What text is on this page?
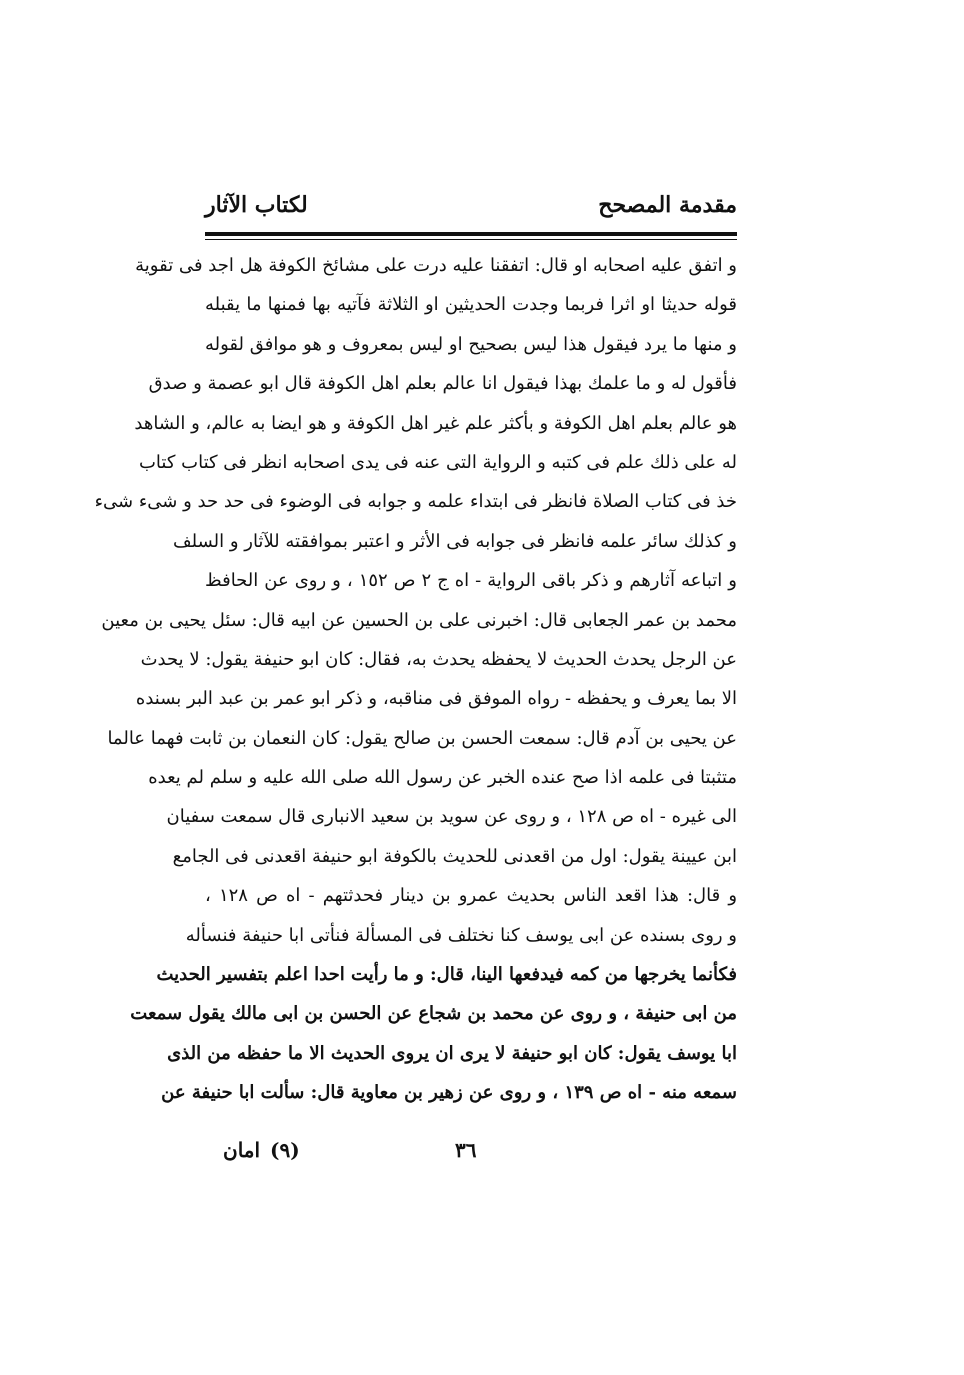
مقدمة المصحح
لكتاب الآثار
و اتفق عليه اصحابه او قال: اتفقنا عليه درت على مشائخ الكوفة هل اجد فى تقوية
قوله حديثا او اثرا فربما وجدت الحديثين او الثلاثة فآتيه بها فمنها ما يقبله
و منها ما يرد فيقول هذا ليس بصحيح او ليس بمعروف و هو موافق لقوله
فأقول له و ما علمك بهذا فيقول انا عالم بعلم اهل الكوفة قال ابو عصمة و صدق
هو عالم بعلم اهل الكوفة و بأكثر علم غير اهل الكوفة و هو ايضا به عالم، و الشاهد
له على ذلك علم فى كتبه و الرواية التى عنه فى يدى اصحابه انظر فى كتاب كتاب
خذ فى كتاب الصلاة فانظر فى ابتداء علمه و جوابه فى الوضوء فى حد حد و شىء شىء
و كذلك سائر علمه فانظر فى جوابه فى الأثر و اعتبر بموافقته للآثار و السلف
و اتباعه آثارهم و ذكر باقى الرواية - اه ج ٢ ص ١٥٢ ، و روى عن الحافظ
محمد بن عمر الجعابى قال: اخبرنى على بن الحسين عن ابيه قال: سئل يحيى بن معين
عن الرجل يحدث الحديث لا يحفظه يحدث به، فقال: كان ابو حنيفة يقول: لا يحدث
الا بما يعرف و يحفظه - رواه الموفق فى مناقبه، و ذكر ابو عمر بن عبد البر بسنده
عن يحيى بن آدم قال: سمعت الحسن بن صالح يقول: كان النعمان بن ثابت فهما عالما
متثبتا فى علمه اذا صح عنده الخبر عن رسول الله صلى الله عليه و سلم لم يعده
الى غيره - اه ص ١٢٨ ، و روى عن سويد بن سعيد الانبارى قال سمعت سفيان
ابن عيينة يقول: اول من اقعدنى للحديث بالكوفة ابو حنيفة اقعدنى فى الجامع
و قال: هذا اقعد الناس بحديث عمرو بن دينار فحدثتهم - اه ص ١٢٨ ،
و روى بسنده عن ابى يوسف كنا نختلف فى المسألة فنأتى ابا حنيفة فنسأله
فكأنما يخرجها من كمه فيدفعها الينا، قال: و ما رأيت احدا اعلم بتفسير الحديث
من ابى حنيفة ، و روى عن محمد بن شجاع عن الحسن بن ابى مالك يقول سمعت
ابا يوسف يقول: كان ابو حنيفة لا يرى ان يروى الحديث الا ما حفظه من الذى
سمعه منه - اه ص ١٣٩ ، و روى عن زهير بن معاوية قال: سألت ابا حنيفة عن
٣٦
(٩)
امان
